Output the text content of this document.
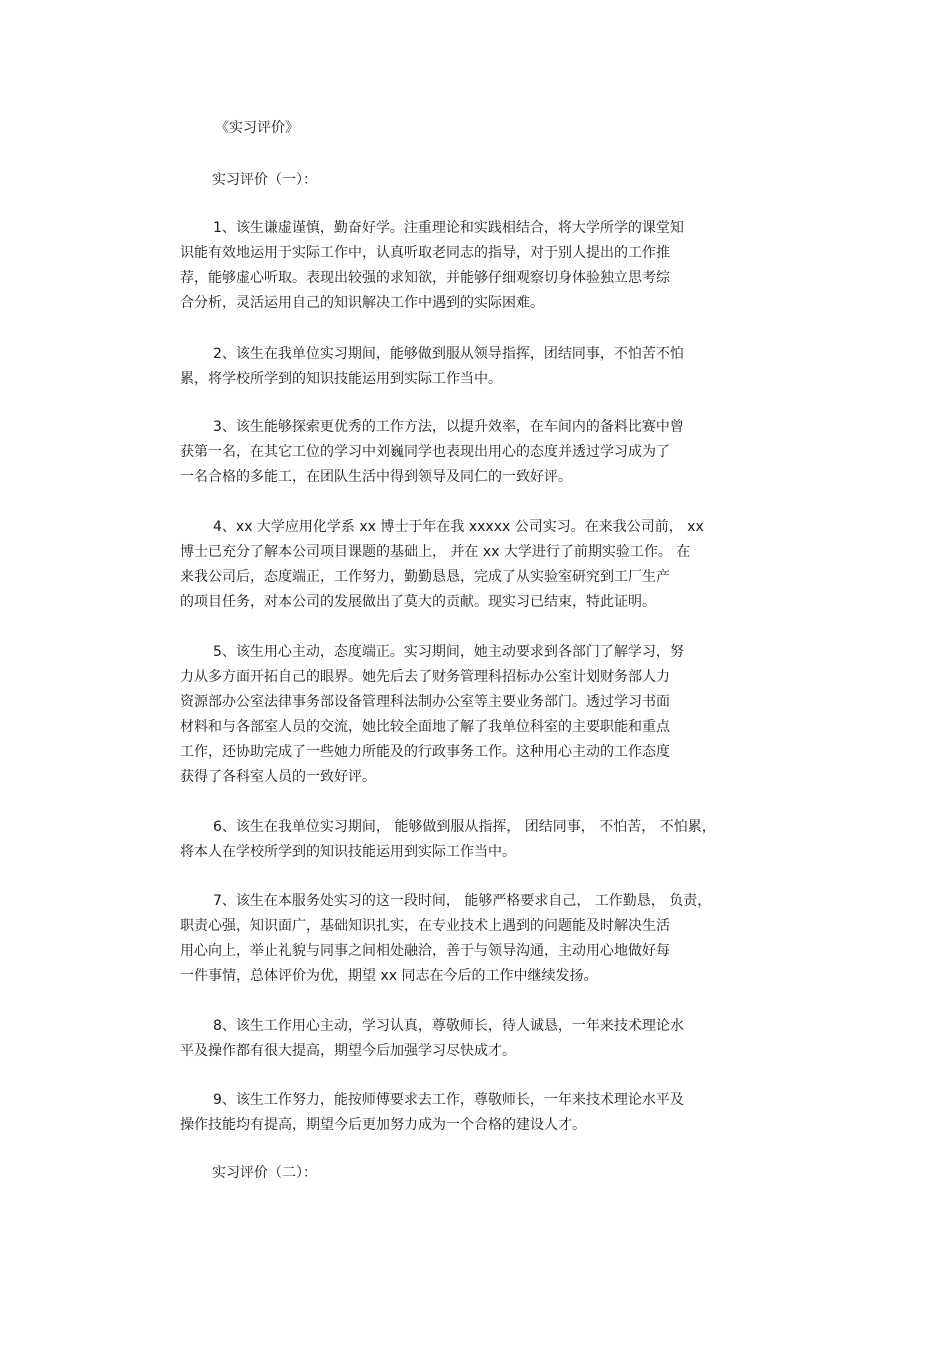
《实习评价》
实习评价（一）：
1、该生谦虚谨慎，勤奋好学。注重理论和实践相结合，将大学所学的课堂知
识能有效地运用于实际工作中，认真听取老同志的指导，对于别人提出的工作推
荐，能够虚心听取。表现出较强的求知欲，并能够仔细观察切身体验独立思考综
合分析，灵活运用自己的知识解决工作中遇到的实际困难。
2、该生在我单位实习期间，能够做到服从领导指挥，团结同事，不怕苦不怕
累，将学校所学到的知识技能运用到实际工作当中。
3、该生能够探索更优秀的工作方法，以提升效率，在车间内的备料比赛中曾
获第一名，在其它工位的学习中刘巍同学也表现出用心的态度并透过学习成为了
一名合格的多能工，在团队生活中得到领导及同仁的一致好评。
4、xx 大学应用化学系 xx 博士于年在我 xxxxx 公司实习。在来我公司前， xx
博士已充分了解本公司项目课题的基础上， 并在 xx 大学进行了前期实验工作。 在
来我公司后，态度端正，工作努力，勤勤恳恳，完成了从实验室研究到工厂生产
的项目任务，对本公司的发展做出了莫大的贡献。现实习已结束，特此证明。
5、该生用心主动，态度端正。实习期间，她主动要求到各部门了解学习，努
力从多方面开拓自己的眼界。她先后去了财务管理科招标办公室计划财务部人力
资源部办公室法律事务部设备管理科法制办公室等主要业务部门。透过学习书面
材料和与各部室人员的交流，她比较全面地了解了我单位科室的主要职能和重点
工作，还协助完成了一些她力所能及的行政事务工作。这种用心主动的工作态度
获得了各科室人员的一致好评。
6、该生在我单位实习期间， 能够做到服从指挥， 团结同事， 不怕苦， 不怕累，
将本人在学校所学到的知识技能运用到实际工作当中。
7、该生在本服务处实习的这一段时间， 能够严格要求自己， 工作勤恳， 负责，
职责心强，知识面广，基础知识扎实，在专业技术上遇到的问题能及时解决生活
用心向上，举止礼貌与同事之间相处融洽，善于与领导沟通，主动用心地做好每
一件事情，总体评价为优，期望 xx 同志在今后的工作中继续发扬。
8、该生工作用心主动，学习认真，尊敬师长，待人诚恳，一年来技术理论水
平及操作都有很大提高，期望今后加强学习尽快成才。
9、该生工作努力，能按师傅要求去工作，尊敬师长，一年来技术理论水平及
操作技能均有提高，期望今后更加努力成为一个合格的建设人才。
实习评价（二）：
